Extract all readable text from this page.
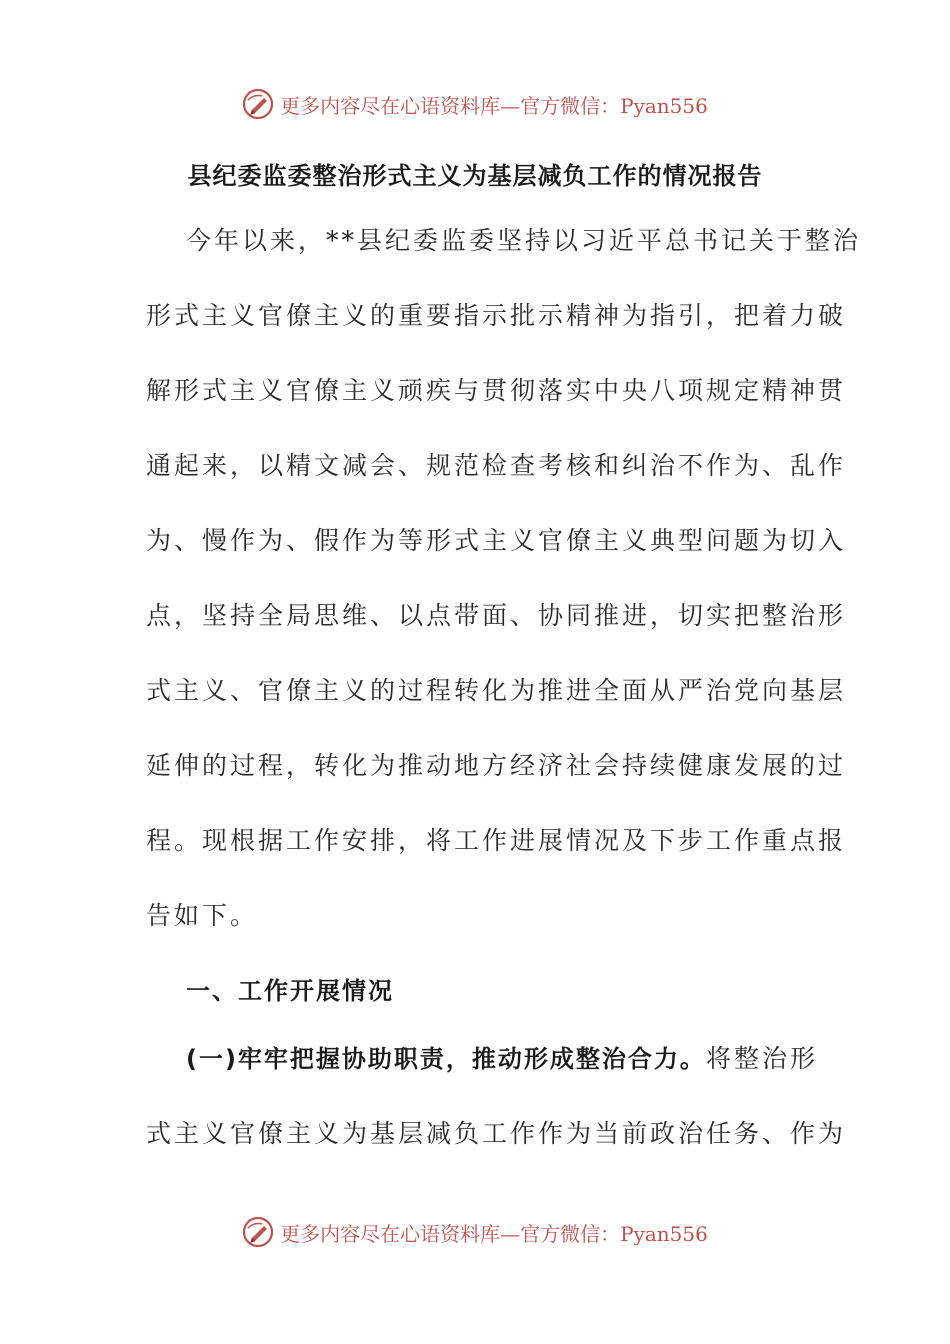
更多内容尽在心语资料库—官方微信：Pyan556
县纪委监委整治形式主义为基层减负工作的情况报告
今年以来，**县纪委监委坚持以习近平总书记关于整治
形式主义官僚主义的重要指示批示精神为指引，把着力破
解形式主义官僚主义顽疾与贯彻落实中央八项规定精神贯
通起来，以精文减会、规范检查考核和纠治不作为、乱作
为、慢作为、假作为等形式主义官僚主义典型问题为切入
点，坚持全局思维、以点带面、协同推进，切实把整治形
式主义、官僚主义的过程转化为推进全面从严治党向基层
延伸的过程，转化为推动地方经济社会持续健康发展的过
程。现根据工作安排，将工作进展情况及下步工作重点报
告如下。
一、工作开展情况
(一)牢牢把握协助职责，推动形成整治合力。将整治形
式主义官僚主义为基层减负工作作为当前政治任务、作为
更多内容尽在心语资料库—官方微信：Pyan556
